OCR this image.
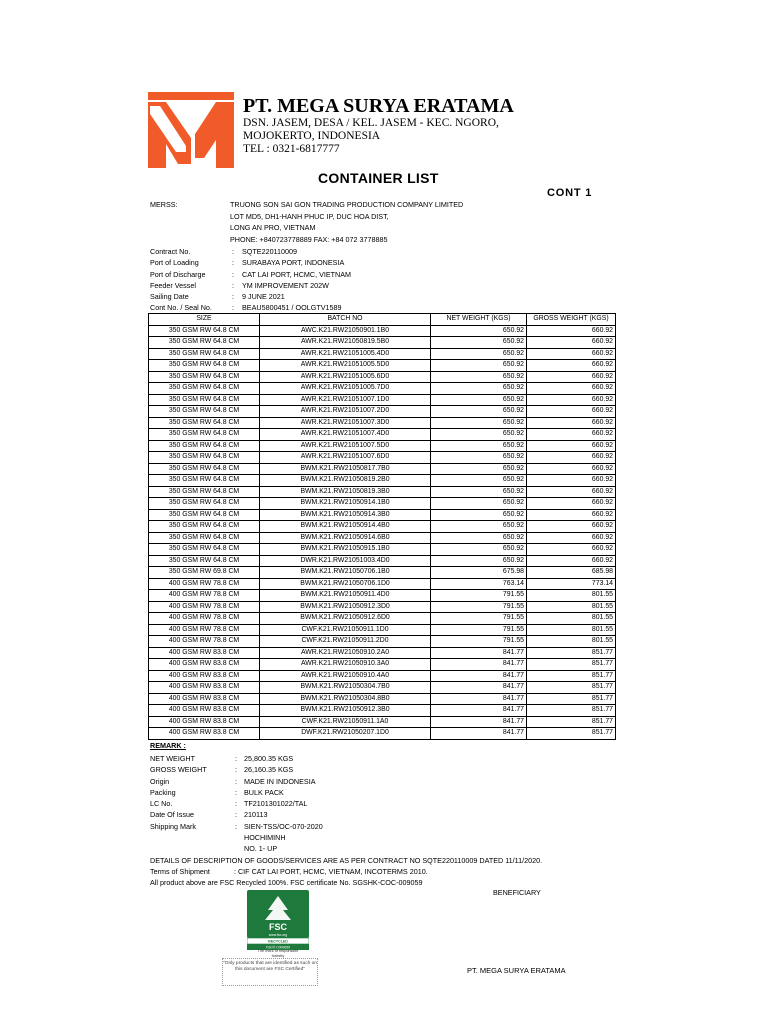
PT. MEGA SURYA ERATAMA
DSN. JASEM, DESA / KEL. JASEM - KEC. NGORO,
MOJOKERTO, INDONESIA
TEL : 0321-6817777
CONTAINER LIST
CONT 1
MERSS:	TRUONG SON SAI GON TRADING PRODUCTION COMPANY LIMITED
LOT MD5, DH1-HANH PHUC IP, DUC HOA DIST,
LONG AN PRO, VIETNAM
PHONE: +840723778889 FAX: +84 072 3778885
Contract No.	: SQTE220110009
Port of Loading	: SURABAYA PORT, INDONESIA
Port of Discharge	: CAT LAI PORT, HCMC, VIETNAM
Feeder Vessel	: YM IMPROVEMENT 202W
Sailing Date	: 9 JUNE 2021
Cont No. / Seal No.	: BEAU5800451 / OOLGTV1589
SIZE	BATCH NO	NET WEIGHT (KGS)	GROSS WEIGHT (KGS)
350 GSM RW 64.8 CM	AWC.K21.RW21050901.1B0	650.92	660.92
350 GSM RW 64.8 CM	AWR.K21.RW21050819.5B0	650.92	660.92
350 GSM RW 64.8 CM	AWR.K21.RW21051005.4D0	650.92	660.92
350 GSM RW 64.8 CM	AWR.K21.RW21051005.5D0	650.92	660.92
350 GSM RW 64.8 CM	AWR.K21.RW21051005.6D0	650.92	660.92
350 GSM RW 64.8 CM	AWR.K21.RW21051005.7D0	650.92	660.92
350 GSM RW 64.8 CM	AWR.K21.RW21051007.1D0	650.92	660.92
350 GSM RW 64.8 CM	AWR.K21.RW21051007.2D0	650.92	660.92
350 GSM RW 64.8 CM	AWR.K21.RW21051007.3D0	650.92	660.92
350 GSM RW 64.8 CM	AWR.K21.RW21051007.4D0	650.92	660.92
350 GSM RW 64.8 CM	AWR.K21.RW21051007.5D0	650.92	660.92
350 GSM RW 64.8 CM	AWR.K21.RW21051007.6D0	650.92	660.92
350 GSM RW 64.8 CM	BWM.K21.RW21050817.7B0	650.92	660.92
350 GSM RW 64.8 CM	BWM.K21.RW21050819.2B0	650.92	660.92
350 GSM RW 64.8 CM	BWM.K21.RW21050819.3B0	650.92	660.92
350 GSM RW 64.8 CM	BWM.K21.RW21050914.1B0	650.92	660.92
350 GSM RW 64.8 CM	BWM.K21.RW21050914.3B0	650.92	660.92
350 GSM RW 64.8 CM	BWM.K21.RW21050914.4B0	650.92	660.92
350 GSM RW 64.8 CM	BWM.K21.RW21050914.6B0	650.92	660.92
350 GSM RW 64.8 CM	BWM.K21.RW21050915.1B0	650.92	660.92
350 GSM RW 64.8 CM	DWR.K21.RW21051003.4D0	650.92	660.92
350 GSM RW 69.8 CM	BWM.K21.RW21050706.1B0	675.98	685.98
400 GSM RW 78.8 CM	BWM.K21.RW21050706.1D0	763.14	773.14
400 GSM RW 78.8 CM	BWM.K21.RW21050911.4D0	791.55	801.55
400 GSM RW 78.8 CM	BWM.K21.RW21050912.3D0	791.55	801.55
400 GSM RW 78.8 CM	BWM.K21.RW21050912.6D0	791.55	801.55
400 GSM RW 78.8 CM	CWF.K21.RW21050911.1D0	791.55	801.55
400 GSM RW 78.8 CM	CWF.K21.RW21050911.2D0	791.55	801.55
400 GSM RW 83.8 CM	AWR.K21.RW21050910.2A0	841.77	851.77
400 GSM RW 83.8 CM	AWR.K21.RW21050910.3A0	841.77	851.77
400 GSM RW 83.8 CM	AWR.K21.RW21050910.4A0	841.77	851.77
400 GSM RW 83.8 CM	BWM.K21.RW21050304.7B0	841.77	851.77
400 GSM RW 83.8 CM	BWM.K21.RW21050304.8B0	841.77	851.77
400 GSM RW 83.8 CM	BWM.K21.RW21050912.3B0	841.77	851.77
400 GSM RW 83.8 CM	CWF.K21.RW21050911.1A0	841.77	851.77
400 GSM RW 83.8 CM	DWF.K21.RW21050207.1D0	841.77	851.77
REMARK :
NET WEIGHT	: 25,800.35 KGS
GROSS WEIGHT	: 26,160.35 KGS
Origin	: MADE IN INDONESIA
Packing	: BULK PACK
LC No.	: TF2101301022/TAL
Date Of Issue	: 210113
Shipping Mark	: SIEN-TSS/OC-070-2020
HOCHIMINH
NO. 1- UP
DETAILS OF DESCRIPTION OF GOODS/SERVICES ARE AS PER CONTRACT NO SQTE220110009 DATED 11/11/2020.
Terms of Shipment	: CIF CAT LAI PORT, HCMC, VIETNAM, INCOTERMS 2010.
All product above are FSC Recycled 100%. FSC certificate No. SGSHK-COC-009059
BENEFICIARY
FSC
www.fsc.org
RECYCLED
FSC® C009059
The mark of responsible forestry
"Only products that are identified as such on this document are FSC Certified"	PT. MEGA SURYA ERATAMA
